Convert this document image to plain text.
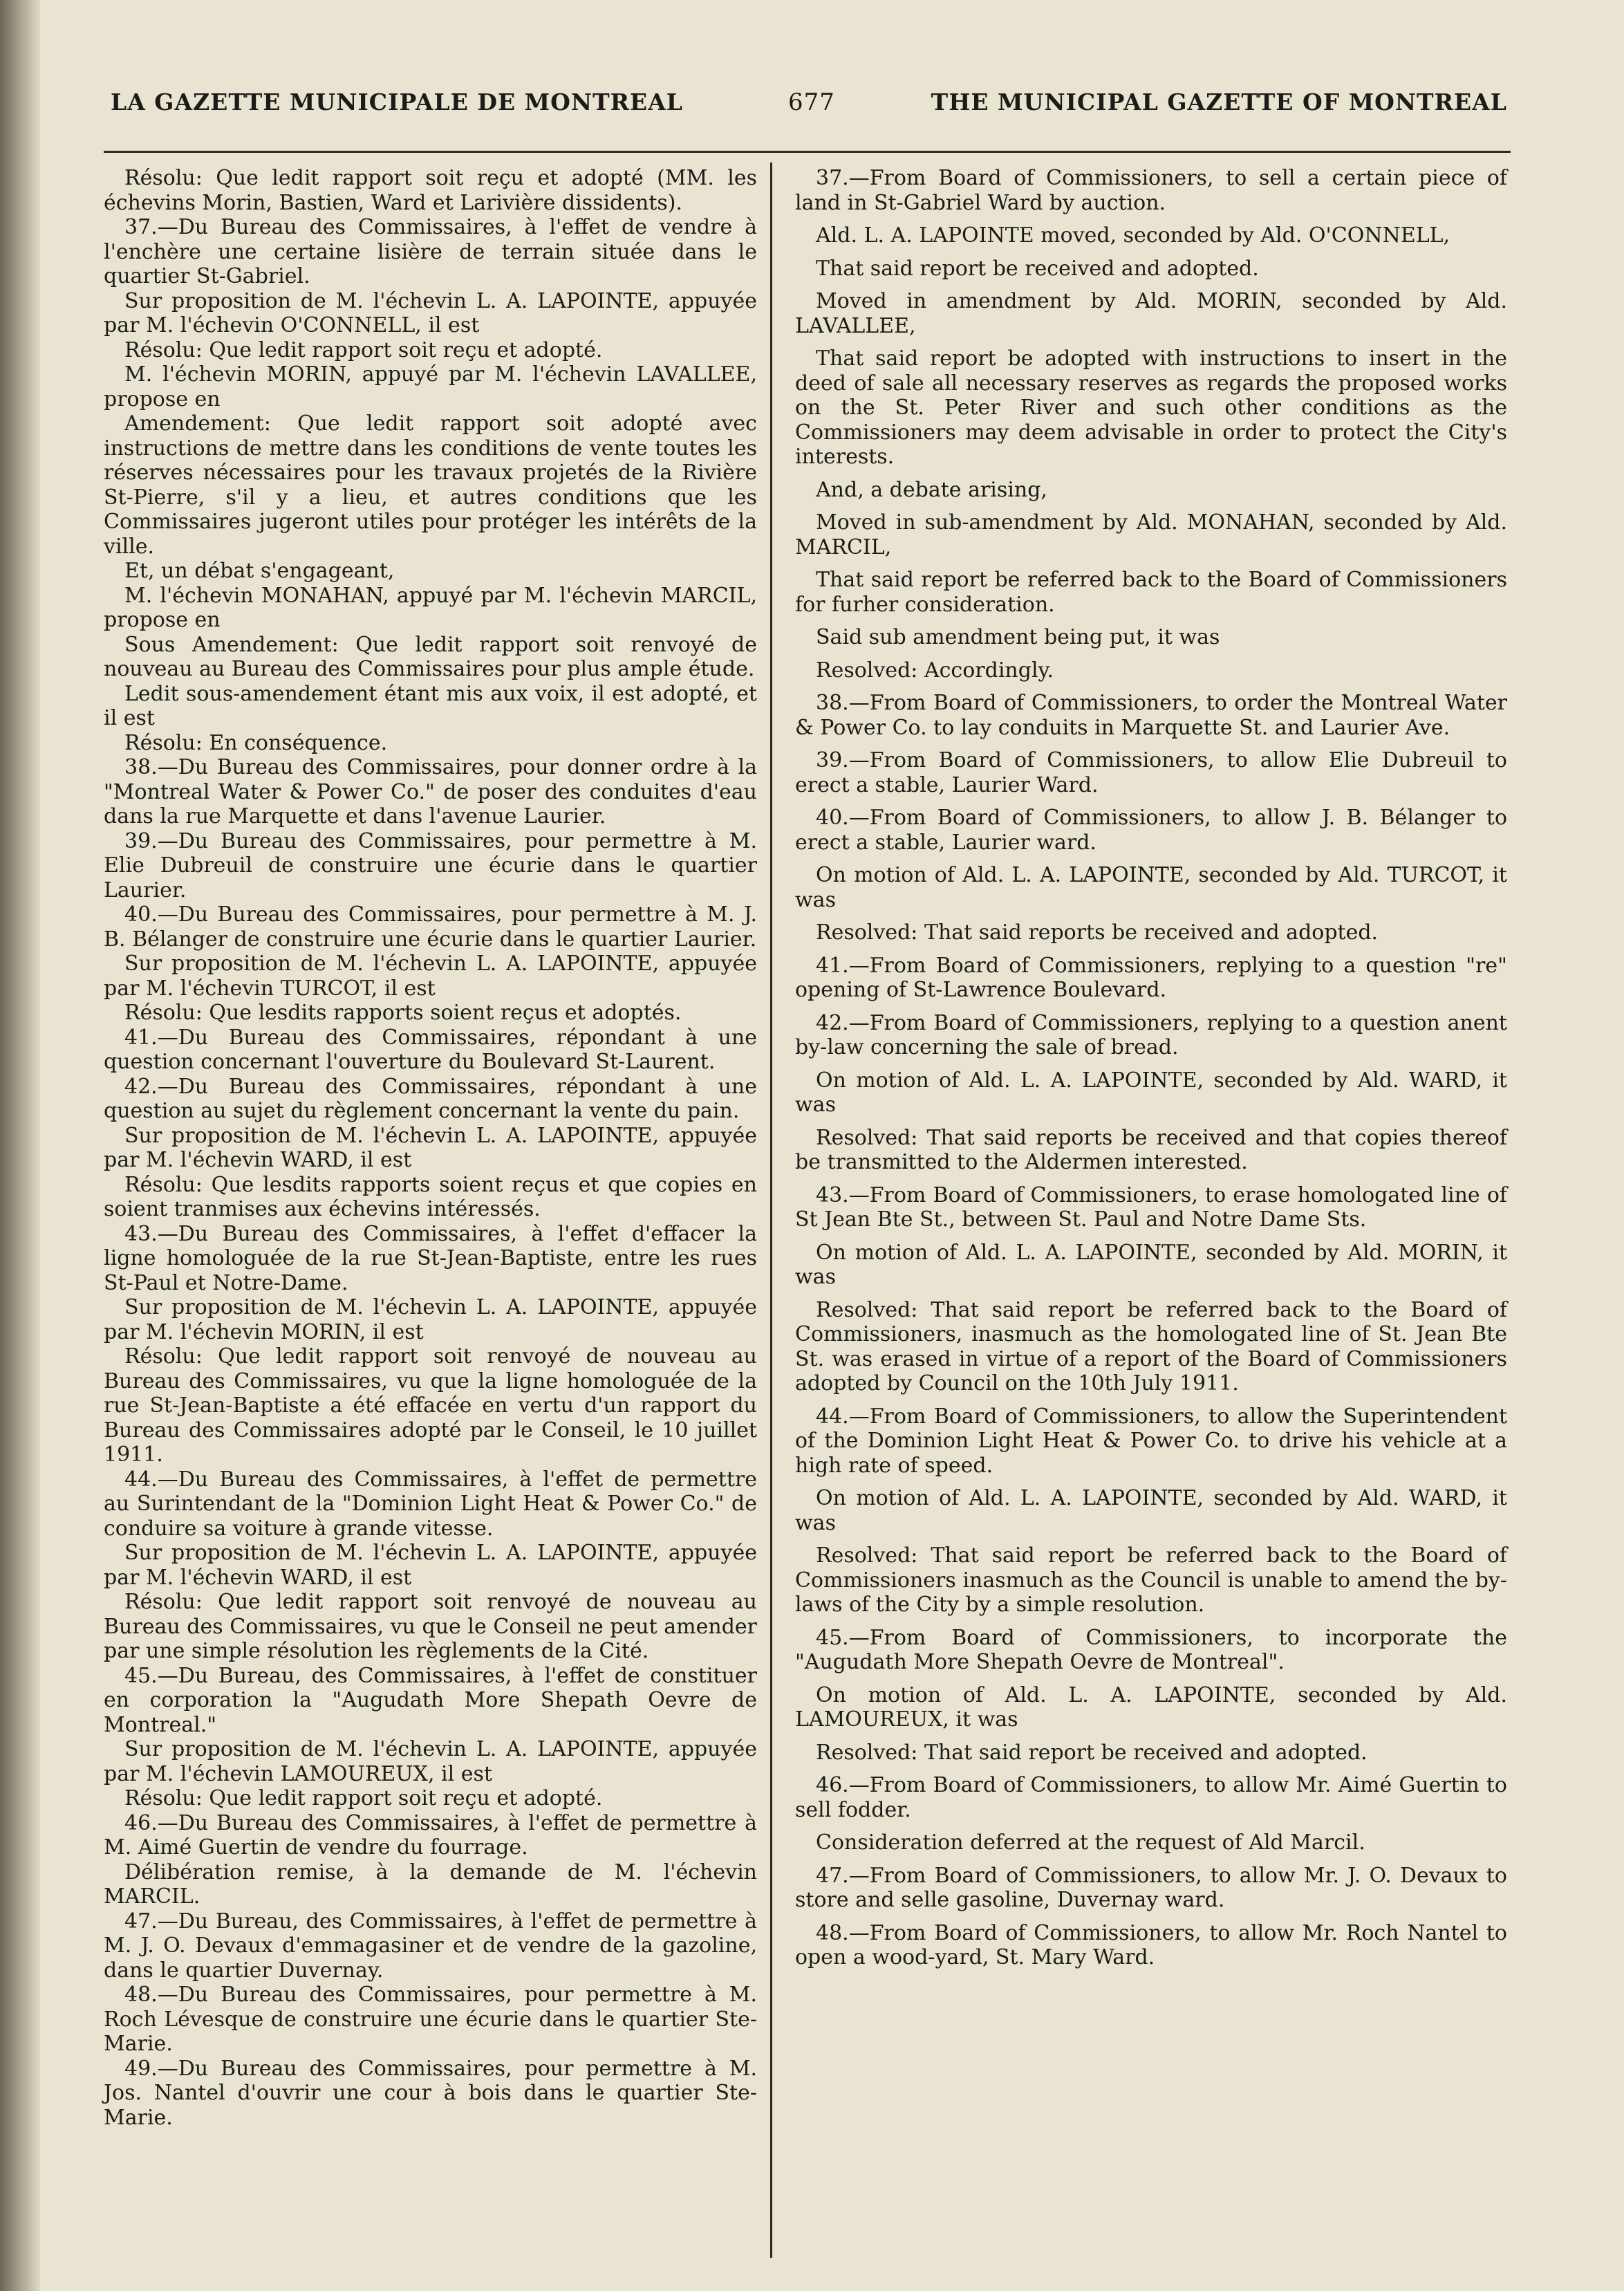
LA GAZETTE MUNICIPALE DE MONTREAL	677	THE MUNICIPAL GAZETTE OF MONTREAL

Résolu: Que ledit rapport soit reçu et adopté (MM. les échevins Morin, Bastien, Ward et Larivière dissidents).

37.—Du Bureau des Commissaires, à l'effet de vendre à l'enchère une certaine lisière de terrain située dans le quartier St-Gabriel.

Sur proposition de M. l'échevin L. A. LAPOINTE, appuyée par M. l'échevin O'CONNELL, il est

Résolu: Que ledit rapport soit reçu et adopté.

M. l'échevin MORIN, appuyé par M. l'échevin LAVALLEE, propose en

Amendement: Que ledit rapport soit adopté avec instructions de mettre dans les conditions de vente toutes les réserves nécessaires pour les travaux projetés de la Rivière St-Pierre, s'il y a lieu, et autres conditions que les Commissaires jugeront utiles pour protéger les intérêts de la ville.

Et, un débat s'engageant,

M. l'échevin MONAHAN, appuyé par M. l'échevin MARCIL, propose en

Sous Amendement: Que ledit rapport soit renvoyé de nouveau au Bureau des Commissaires pour plus ample étude.

Ledit sous-amendement étant mis aux voix, il est adopté, et il est

Résolu: En conséquence.

38.—Du Bureau des Commissaires, pour donner ordre à la "Montreal Water & Power Co." de poser des conduites d'eau dans la rue Marquette et dans l'avenue Laurier.

39.—Du Bureau des Commissaires, pour permettre à M. Elie Dubreuil de construire une écurie dans le quartier Laurier.

40.—Du Bureau des Commissaires, pour permettre à M. J. B. Bélanger de construire une écurie dans le quartier Laurier.

Sur proposition de M. l'échevin L. A. LAPOINTE, appuyée par M. l'échevin TURCOT, il est

Résolu: Que lesdits rapports soient reçus et adoptés.

41.—Du Bureau des Commissaires, répondant à une question concernant l'ouverture du Boulevard St-Laurent.

42.—Du Bureau des Commissaires, répondant à une question au sujet du règlement concernant la vente du pain.

Sur proposition de M. l'échevin L. A. LAPOINTE, appuyée par M. l'échevin WARD, il est

Résolu: Que lesdits rapports soient reçus et que copies en soient tranmises aux échevins intéressés.

43.—Du Bureau des Commissaires, à l'effet d'effacer la ligne homologuée de la rue St-Jean-Baptiste, entre les rues St-Paul et Notre-Dame.

Sur proposition de M. l'échevin L. A. LAPOINTE, appuyée par M. l'échevin MORIN, il est

Résolu: Que ledit rapport soit renvoyé de nouveau au Bureau des Commissaires, vu que la ligne homologuée de la rue St-Jean-Baptiste a été effacée en vertu d'un rapport du Bureau des Commissaires adopté par le Conseil, le 10 juillet 1911.

44.—Du Bureau des Commissaires, à l'effet de permettre au Surintendant de la "Dominion Light Heat & Power Co." de conduire sa voiture à grande vitesse.

Sur proposition de M. l'échevin L. A. LAPOINTE, appuyée par M. l'échevin WARD, il est

Résolu: Que ledit rapport soit renvoyé de nouveau au Bureau des Commissaires, vu que le Conseil ne peut amender par une simple résolution les règlements de la Cité.

45.—Du Bureau, des Commissaires, à l'effet de constituer en corporation la "Augudath More Shepath Oevre de Montreal."

Sur proposition de M. l'échevin L. A. LAPOINTE, appuyée par M. l'échevin LAMOUREUX, il est

Résolu: Que ledit rapport soit reçu et adopté.

46.—Du Bureau des Commissaires, à l'effet de permettre à M. Aimé Guertin de vendre du fourrage.

Délibération remise, à la demande de M. l'échevin MARCIL.

47.—Du Bureau, des Commissaires, à l'effet de permettre à M. J. O. Devaux d'emmagasiner et de vendre de la gazoline, dans le quartier Duvernay.

48.—Du Bureau des Commissaires, pour permettre à M. Roch Lévesque de construire une écurie dans le quartier Ste-Marie.

49.—Du Bureau des Commissaires, pour permettre à M. Jos. Nantel d'ouvrir une cour à bois dans le quartier Ste-Marie.

37.—From Board of Commissioners, to sell a certain piece of land in St-Gabriel Ward by auction.

Ald. L. A. LAPOINTE moved, seconded by Ald. O'CONNELL,

That said report be received and adopted.

Moved in amendment by Ald. MORIN, seconded by Ald. LAVALLEE,

That said report be adopted with instructions to insert in the deed of sale all necessary reserves as regards the proposed works on the St. Peter River and such other conditions as the Commissioners may deem advisable in order to protect the City's interests.

And, a debate arising,

Moved in sub-amendment by Ald. MONAHAN, seconded by Ald. MARCIL,

That said report be referred back to the Board of Commissioners for furher consideration.

Said sub amendment being put, it was

Resolved: Accordingly.

38.—From Board of Commissioners, to order the Montreal Water & Power Co. to lay conduits in Marquette St. and Laurier Ave.

39.—From Board of Commissioners, to allow Elie Dubreuil to erect a stable, Laurier Ward.

40.—From Board of Commissioners, to allow J. B. Bélanger to erect a stable, Laurier ward.

On motion of Ald. L. A. LAPOINTE, seconded by Ald. TURCOT, it was

Resolved: That said reports be received and adopted.

41.—From Board of Commissioners, replying to a question "re" opening of St-Lawrence Boulevard.

42.—From Board of Commissioners, replying to a question anent by-law concerning the sale of bread.

On motion of Ald. L. A. LAPOINTE, seconded by Ald. WARD, it was

Resolved: That said reports be received and that copies thereof be transmitted to the Aldermen interested.

43.—From Board of Commissioners, to erase homologated line of St Jean Bte St., between St. Paul and Notre Dame Sts.

On motion of Ald. L. A. LAPOINTE, seconded by Ald. MORIN, it was

Resolved: That said report be referred back to the Board of Commissioners, inasmuch as the homologated line of St. Jean Bte St. was erased in virtue of a report of the Board of Commissioners adopted by Council on the 10th July 1911.

44.—From Board of Commissioners, to allow the Superintendent of the Dominion Light Heat & Power Co. to drive his vehicle at a high rate of speed.

On motion of Ald. L. A. LAPOINTE, seconded by Ald. WARD, it was

Resolved: That said report be referred back to the Board of Commissioners inasmuch as the Council is unable to amend the by-laws of the City by a simple resolution.

45.—From Board of Commissioners, to incorporate the "Augudath More Shepath Oevre de Montreal".

On motion of Ald. L. A. LAPOINTE, seconded by Ald. LAMOUREUX, it was

Resolved: That said report be received and adopted.

46.—From Board of Commissioners, to allow Mr. Aimé Guertin to sell fodder.

Consideration deferred at the request of Ald Marcil.

47.—From Board of Commissioners, to allow Mr. J. O. Devaux to store and selle gasoline, Duvernay ward.

48.—From Board of Commissioners, to allow Mr. Roch Nantel to open a wood-yard, St. Mary Ward.
